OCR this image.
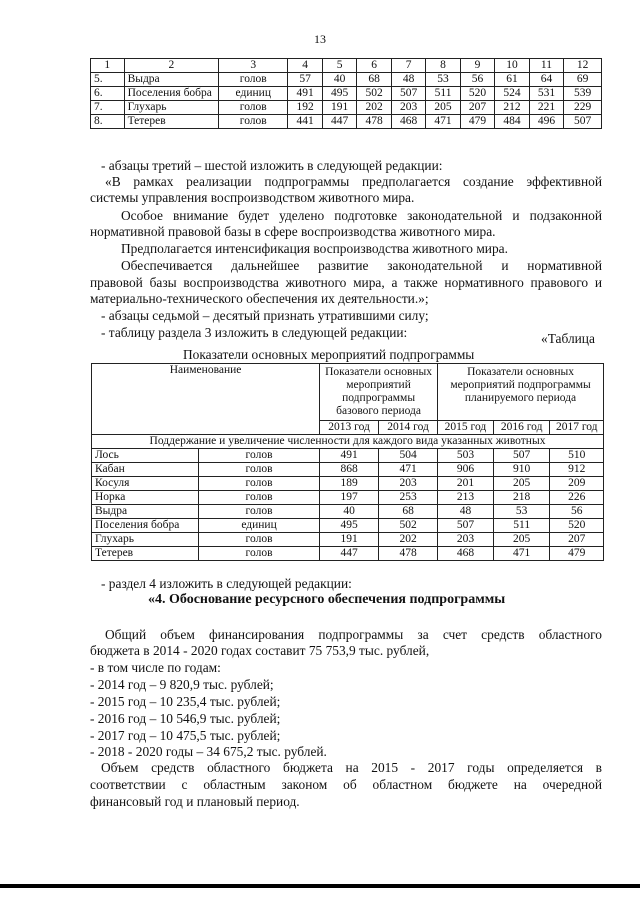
13
1	2	3	4	5	6	7	8	9	10	11	12
5.	Выдра	голов	57	40	68	48	53	56	61	64	69
6.	Поселения бобра	единиц	491	495	502	507	511	520	524	531	539
7.	Глухарь	голов	192	191	202	203	205	207	212	221	229
8.	Тетерев	голов	441	447	478	468	471	479	484	496	507
- абзацы третий – шестой изложить в следующей редакции:
«В рамках реализации подпрограммы предполагается создание эффективной
системы управления воспроизводством животного мира.
Особое внимание будет уделено подготовке законодательной и подзаконной
нормативной правовой базы в сфере воспроизводства животного мира.
Предполагается интенсификация воспроизводства животного мира.
Обеспечивается дальнейшее развитие законодательной и нормативной
правовой базы воспроизводства животного мира, а также нормативного правового и
материально-технического обеспечения их деятельности.»;
- абзацы седьмой – десятый признать утратившими силу;
- таблицу раздела 3 изложить в следующей редакции:	«Таблица
Показатели основных мероприятий подпрограммы
Наименование		Показатели основных мероприятий подпрограммы базового периода		Показатели основных мероприятий подпрограммы планируемого периода		
		2013 год	2014 год	2015 год	2016 год	2017 год
Поддержание и увеличение численности для каждого вида указанных животных						
Лось	голов	491	504	503	507	510
Кабан	голов	868	471	906	910	912
Косуля	голов	189	203	201	205	209
Норка	голов	197	253	213	218	226
Выдра	голов	40	68	48	53	56
Поселения бобра	единиц	495	502	507	511	520
Глухарь	голов	191	202	203	205	207
Тетерев	голов	447	478	468	471	479
- раздел 4 изложить в следующей редакции:
«4. Обоснование ресурсного обеспечения подпрограммы
Общий объем финансирования подпрограммы за счет средств областного
бюджета в 2014 - 2020 годах составит 75 753,9 тыс. рублей,
- в том числе по годам:
- 2014 год – 9 820,9 тыс. рублей;
- 2015 год – 10 235,4 тыс. рублей;
- 2016 год – 10 546,9 тыс. рублей;
- 2017 год – 10 475,5 тыс. рублей;
- 2018 - 2020 годы – 34 675,2 тыс. рублей.
Объем средств областного бюджета на 2015 - 2017 годы определяется в
соответствии с областным законом об областном бюджете на очередной
финансовый год и плановый период.
